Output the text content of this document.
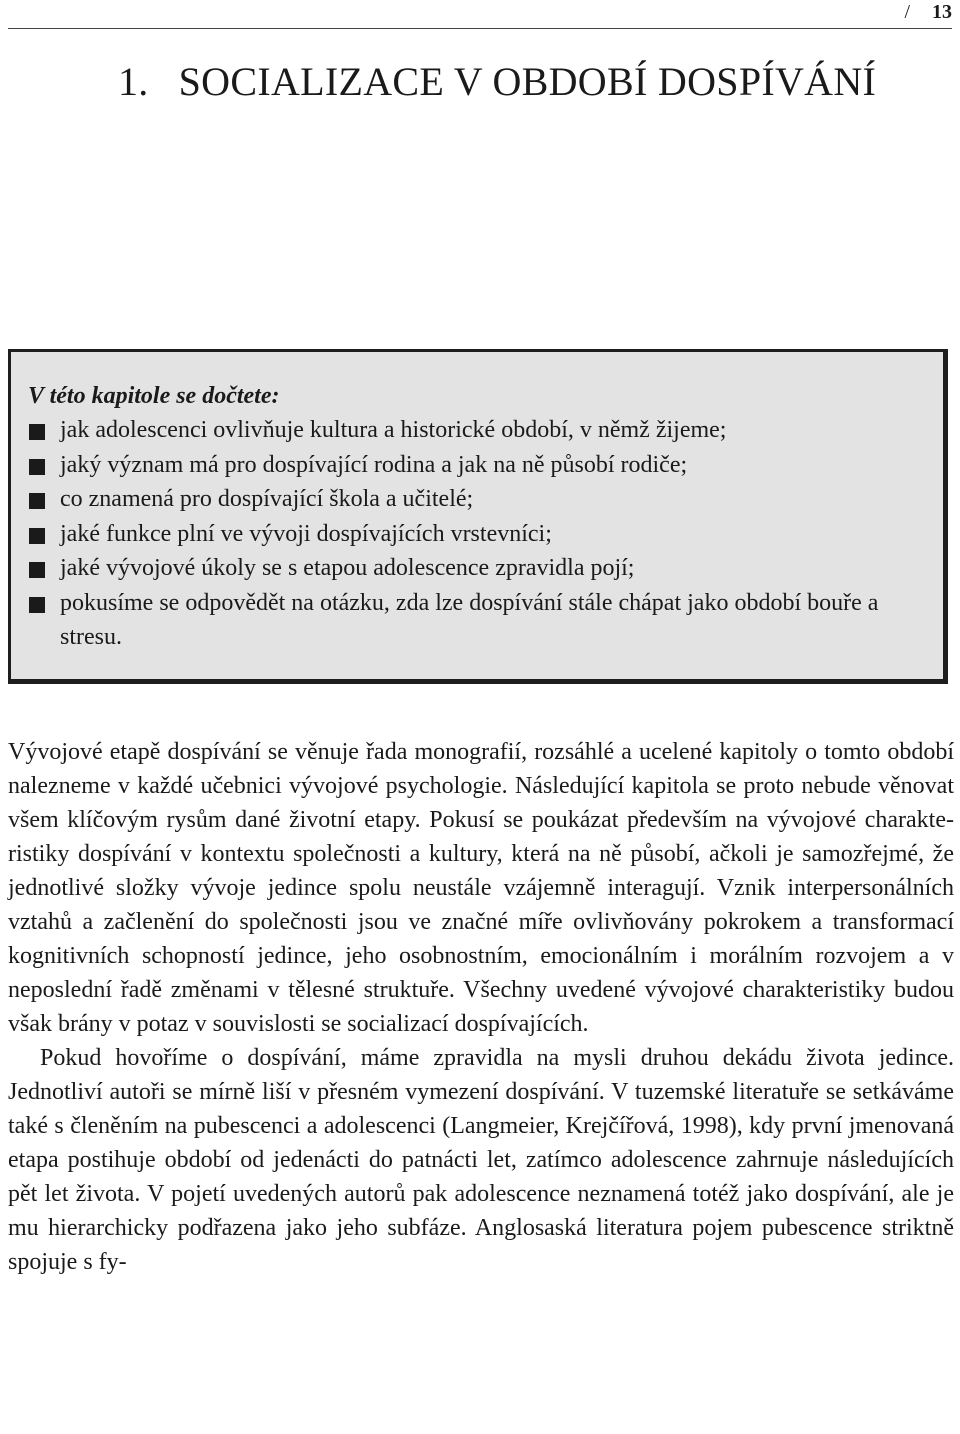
/ 13
1. SOCIALIZACE V OBDOBÍ DOSPÍVÁNÍ

V této kapitole se dočtete:

jak adolescenci ovlivňuje kultura a historické období, v němž žijeme;
jaký význam má pro dospívající rodina a jak na ně působí rodiče;
co znamená pro dospívající škola a učitelé;
jaké funkce plní ve vývoji dospívajících vrstevníci;
jaké vývojové úkoly se s etapou adolescence zpravidla pojí;
pokusíme se odpovědět na otázku, zda lze dospívání stále chápat jako období bouře a stresu.

Vývojové etapě dospívání se věnuje řada monografií, rozsáhlé a ucelené kapitoly o tomto období nalezneme v každé učebnici vývojové psychologie. Následující kapitola se proto nebude věnovat všem klíčovým rysům dané životní etapy. Pokusí se poukázat především na vývojové charakteristiky dospívání v kontextu společnosti a kultury, která na ně působí, ačkoli je samozřejmé, že jednotlivé složky vývoje jedince spolu neustále vzájemně interagují. Vznik interpersonálních vztahů a začlenění do společnosti jsou ve značné míře ovlivňovány pokrokem a transformací kognitivních schopností jedince, jeho osobnostním, emocionálním i morálním rozvojem a v neposlední řadě změnami v tělesné struktuře. Všechny uvedené vývojové charakteristiky budou však brány v potaz v souvislosti se socializací dospívajících.

Pokud hovoříme o dospívání, máme zpravidla na mysli druhou dekádu života jedince. Jednotliví autoři se mírně liší v přesném vymezení dospívání. V tuzemské literatuře se setkáváme také s členěním na pubescenci a adolescenci (Langmeier, Krejčířová, 1998), kdy první jmenovaná etapa postihuje období od jedenácti do patnácti let, zatímco adolescence zahrnuje následujících pět let života. V pojetí uvedených autorů pak adolescence neznamená totéž jako dospívání, ale je mu hierarchicky podřazena jako jeho subfáze. Anglosaská literatura pojem pubescence striktně spojuje s fy-
